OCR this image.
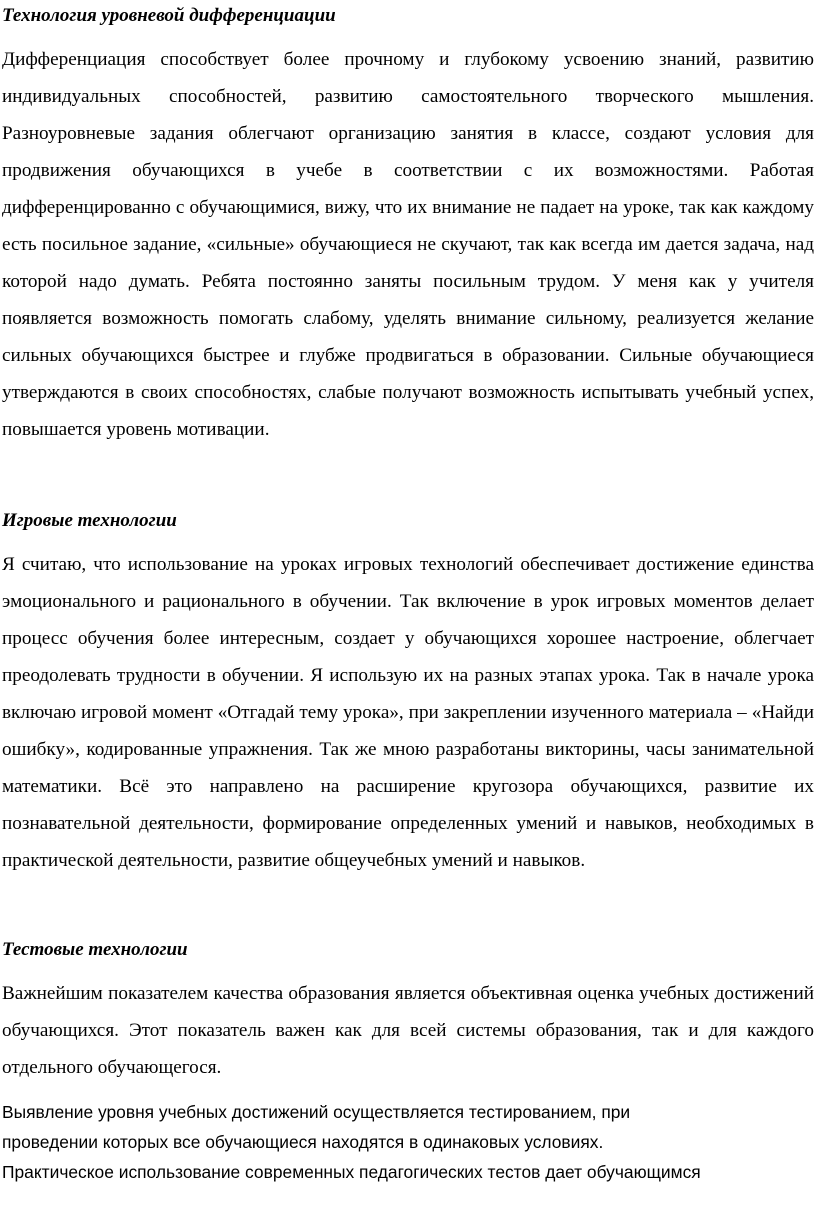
Технология уровневой дифференциации

Дифференциация способствует более прочному и глубокому усвоению знаний, развитию индивидуальных способностей, развитию самостоятельного творческого мышления. Разноуровневые задания облегчают организацию занятия в классе, создают условия для продвижения обучающихся в учебе в соответствии с их возможностями. Работая дифференцированно с обучающимися, вижу, что их внимание не падает на уроке, так как каждому есть посильное задание, «сильные» обучающиеся не скучают, так как всегда им дается задача, над которой надо думать. Ребята постоянно заняты посильным трудом. У меня как у учителя появляется возможность помогать слабому, уделять внимание сильному, реализуется желание сильных обучающихся быстрее и глубже продвигаться в образовании. Сильные обучающиеся утверждаются в своих способностях, слабые получают возможность испытывать учебный успех, повышается уровень мотивации.

Игровые технологии

Я считаю, что использование на уроках игровых технологий обеспечивает достижение единства эмоционального и рационального в обучении. Так включение в урок игровых моментов делает процесс обучения более интересным, создает у обучающихся хорошее настроение, облегчает преодолевать трудности в обучении. Я использую их на разных этапах урока. Так в начале урока включаю игровой момент «Отгадай тему урока», при закреплении изученного материала – «Найди ошибку», кодированные упражнения. Так же мною разработаны викторины, часы занимательной математики. Всё это направлено на расширение кругозора обучающихся, развитие их познавательной деятельности, формирование определенных умений и навыков, необходимых в практической деятельности, развитие общеучебных умений и навыков.

Тестовые технологии

Важнейшим показателем качества образования является объективная оценка учебных достижений обучающихся. Этот показатель важен как для всей системы образования, так и для каждого отдельного обучающегося.

Выявление уровня учебных достижений осуществляется тестированием, при

проведении которых все обучающиеся находятся в одинаковых условиях.

Практическое использование современных педагогических тестов дает обучающимся
